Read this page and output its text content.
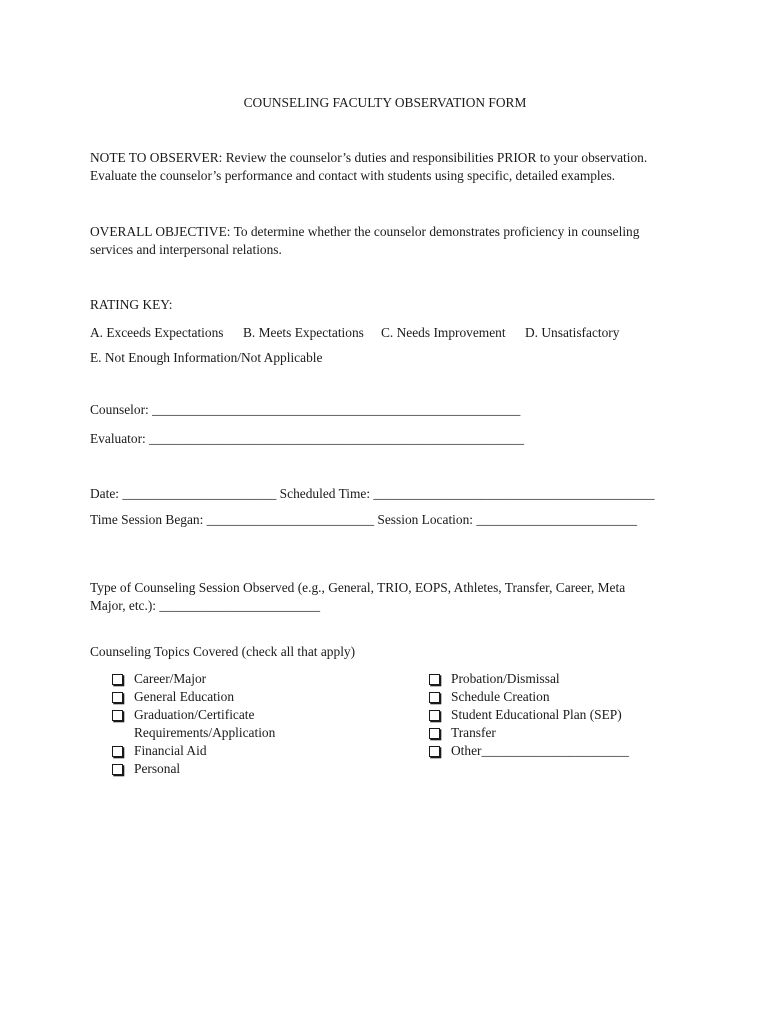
COUNSELING FACULTY OBSERVATION FORM
NOTE TO OBSERVER: Review the counselor’s duties and responsibilities PRIOR to your observation.
Evaluate the counselor’s performance and contact with students using specific, detailed examples.
OVERALL OBJECTIVE: To determine whether the counselor demonstrates proficiency in counseling
services and interpersonal relations.
RATING KEY:
A. Exceeds Expectations B. Meets Expectations C. Needs Improvement D. Unsatisfactory
E. Not Enough Information/Not Applicable
Counselor: _______________________________________________________
Evaluator: ________________________________________________________
Date: _______________________ Scheduled Time: __________________________________________
Time Session Began: _________________________ Session Location: ________________________
Type of Counseling Session Observed (e.g., General, TRIO, EOPS, Athletes, Transfer, Career, Meta
Major, etc.): ________________________
Counseling Topics Covered (check all that apply)
Career/Major
General Education
Graduation/Certificate Requirements/Application
Financial Aid
Personal
Probation/Dismissal
Schedule Creation
Student Educational Plan (SEP)
Transfer
Other______________________
